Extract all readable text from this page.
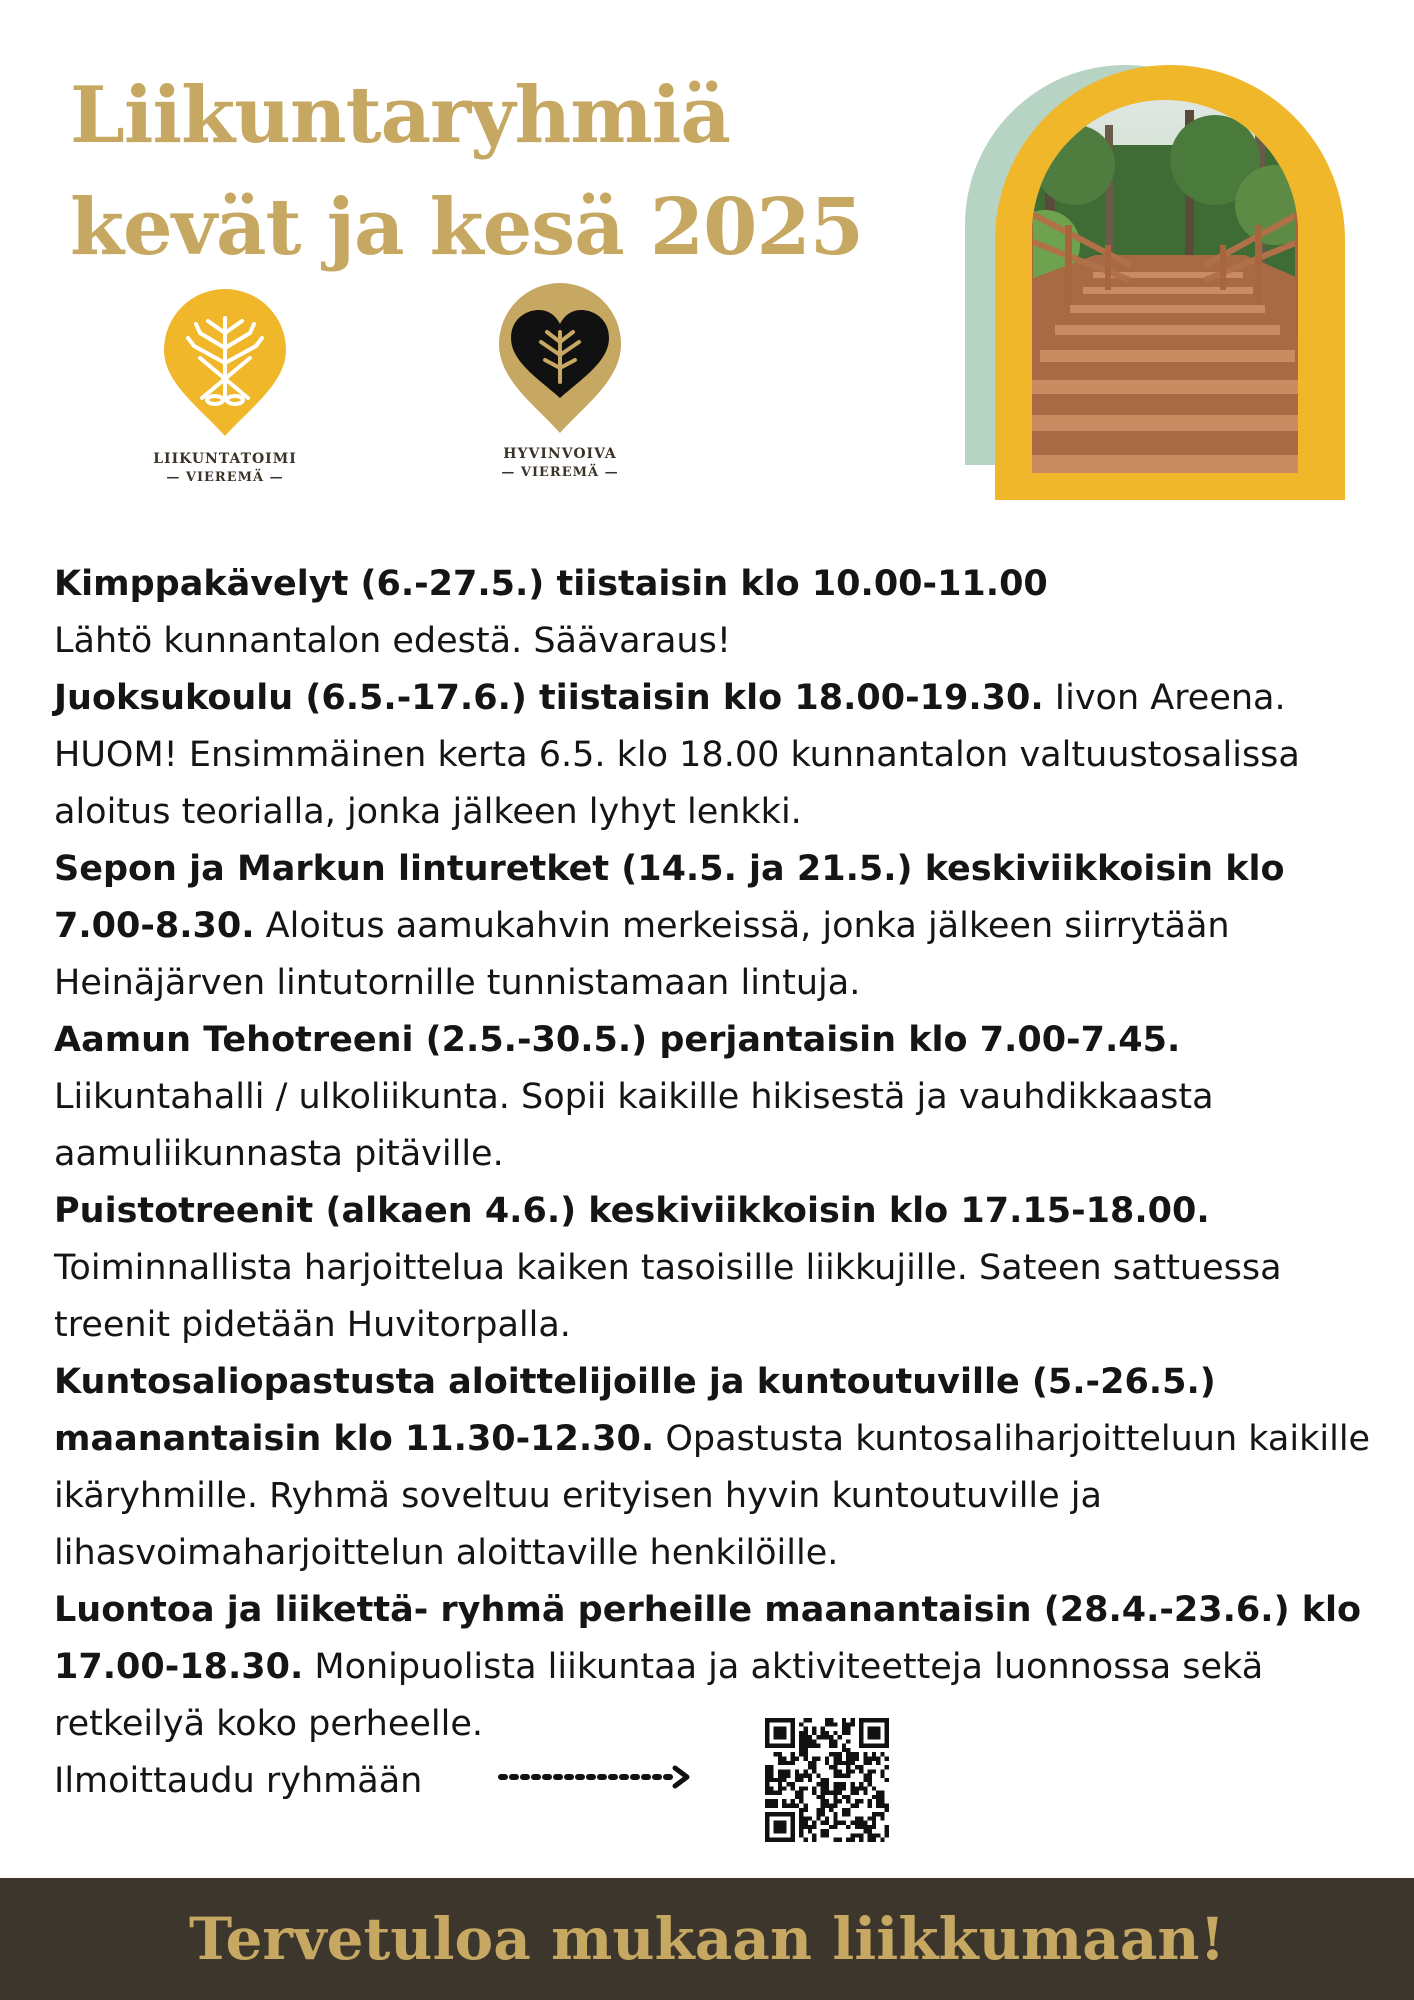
Liikuntaryhmiä
kevät ja kesä 2025
LIIKUNTATOIMI
— VIEREMÄ —
HYVINVOIVA
— VIEREMÄ —

Kimppakävelyt (6.-27.5.) tiistaisin klo 10.00-11.00
Lähtö kunnantalon edestä. Säävaraus!

Juoksukoulu (6.5.-17.6.) tiistaisin klo 18.00-19.30. Iivon Areena. HUOM! Ensimmäinen kerta 6.5. klo 18.00 kunnantalon valtuustosalissa aloitus teorialla, jonka jälkeen lyhyt lenkki.

Sepon ja Markun linturetket (14.5. ja 21.5.) keskiviikkoisin klo 7.00-8.30. Aloitus aamukahvin merkeissä, jonka jälkeen siirrytään Heinäjärven lintutornille tunnistamaan lintuja.

Aamun Tehotreeni (2.5.-30.5.) perjantaisin klo 7.00-7.45.
Liikuntahalli / ulkoliikunta. Sopii kaikille hikisestä ja vauhdikkaasta aamuliikunnasta pitäville.

Puistotreenit (alkaen 4.6.) keskiviikkoisin klo 17.15-18.00.
Toiminnallista harjoittelua kaiken tasoisille liikkujille. Sateen sattuessa treenit pidetään Huvitorpalla.

Kuntosaliopastusta aloittelijoille ja kuntoutuville (5.-26.5.) maanantaisin klo 11.30-12.30. Opastusta kuntosaliharjoitteluun kaikille ikäryhmille. Ryhmä soveltuu erityisen hyvin kuntoutuville ja lihasvoimaharjoittelun aloittaville henkilöille.

Luontoa ja liikettä- ryhmä perheille maanantaisin (28.4.-23.6.) klo 17.00-18.30. Monipuolista liikuntaa ja aktiviteetteja luonnossa sekä retkeilyä koko perheelle.

Ilmoittaudu ryhmään

Tervetuloa mukaan liikkumaan!
